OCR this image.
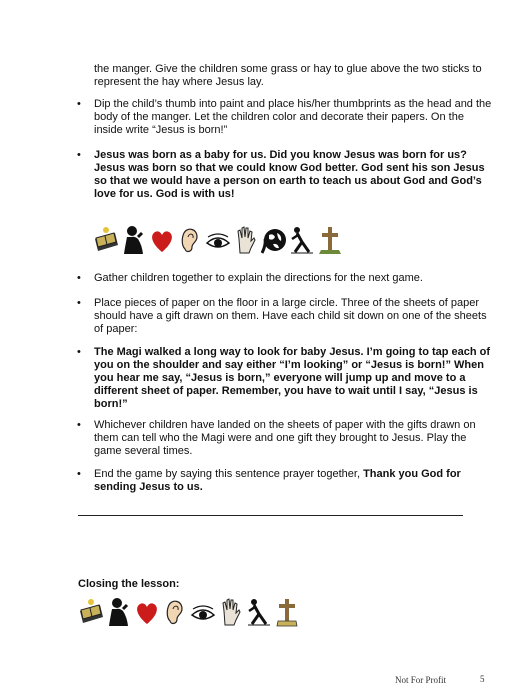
the manger. Give the children some grass or hay to glue above the two sticks to represent the hay where Jesus lay.
• Dip the child’s thumb into paint and place his/her thumbprints as the head and the body of the manger. Let the children color and decorate their papers. On the inside write “Jesus is born!”
• Jesus was born as a baby for us. Did you know Jesus was born for us? Jesus was born so that we could know God better. God sent his son Jesus so that we would have a person on earth to teach us about God and God’s love for us. God is with us!
• Gather children together to explain the directions for the next game.
• Place pieces of paper on the floor in a large circle. Three of the sheets of paper should have a gift drawn on them. Have each child sit down on one of the sheets of paper:
• The Magi walked a long way to look for baby Jesus. I’m going to tap each of you on the shoulder and say either “I’m looking” or “Jesus is born!” When you hear me say, “Jesus is born,” everyone will jump up and move to a different sheet of paper. Remember, you have to wait until I say, “Jesus is born!”
• Whichever children have landed on the sheets of paper with the gifts drawn on them can tell who the Magi were and one gift they brought to Jesus. Play the game several times.
• End the game by saying this sentence prayer together, Thank you God for sending Jesus to us.
Closing the lesson:
Not For Profit	5
